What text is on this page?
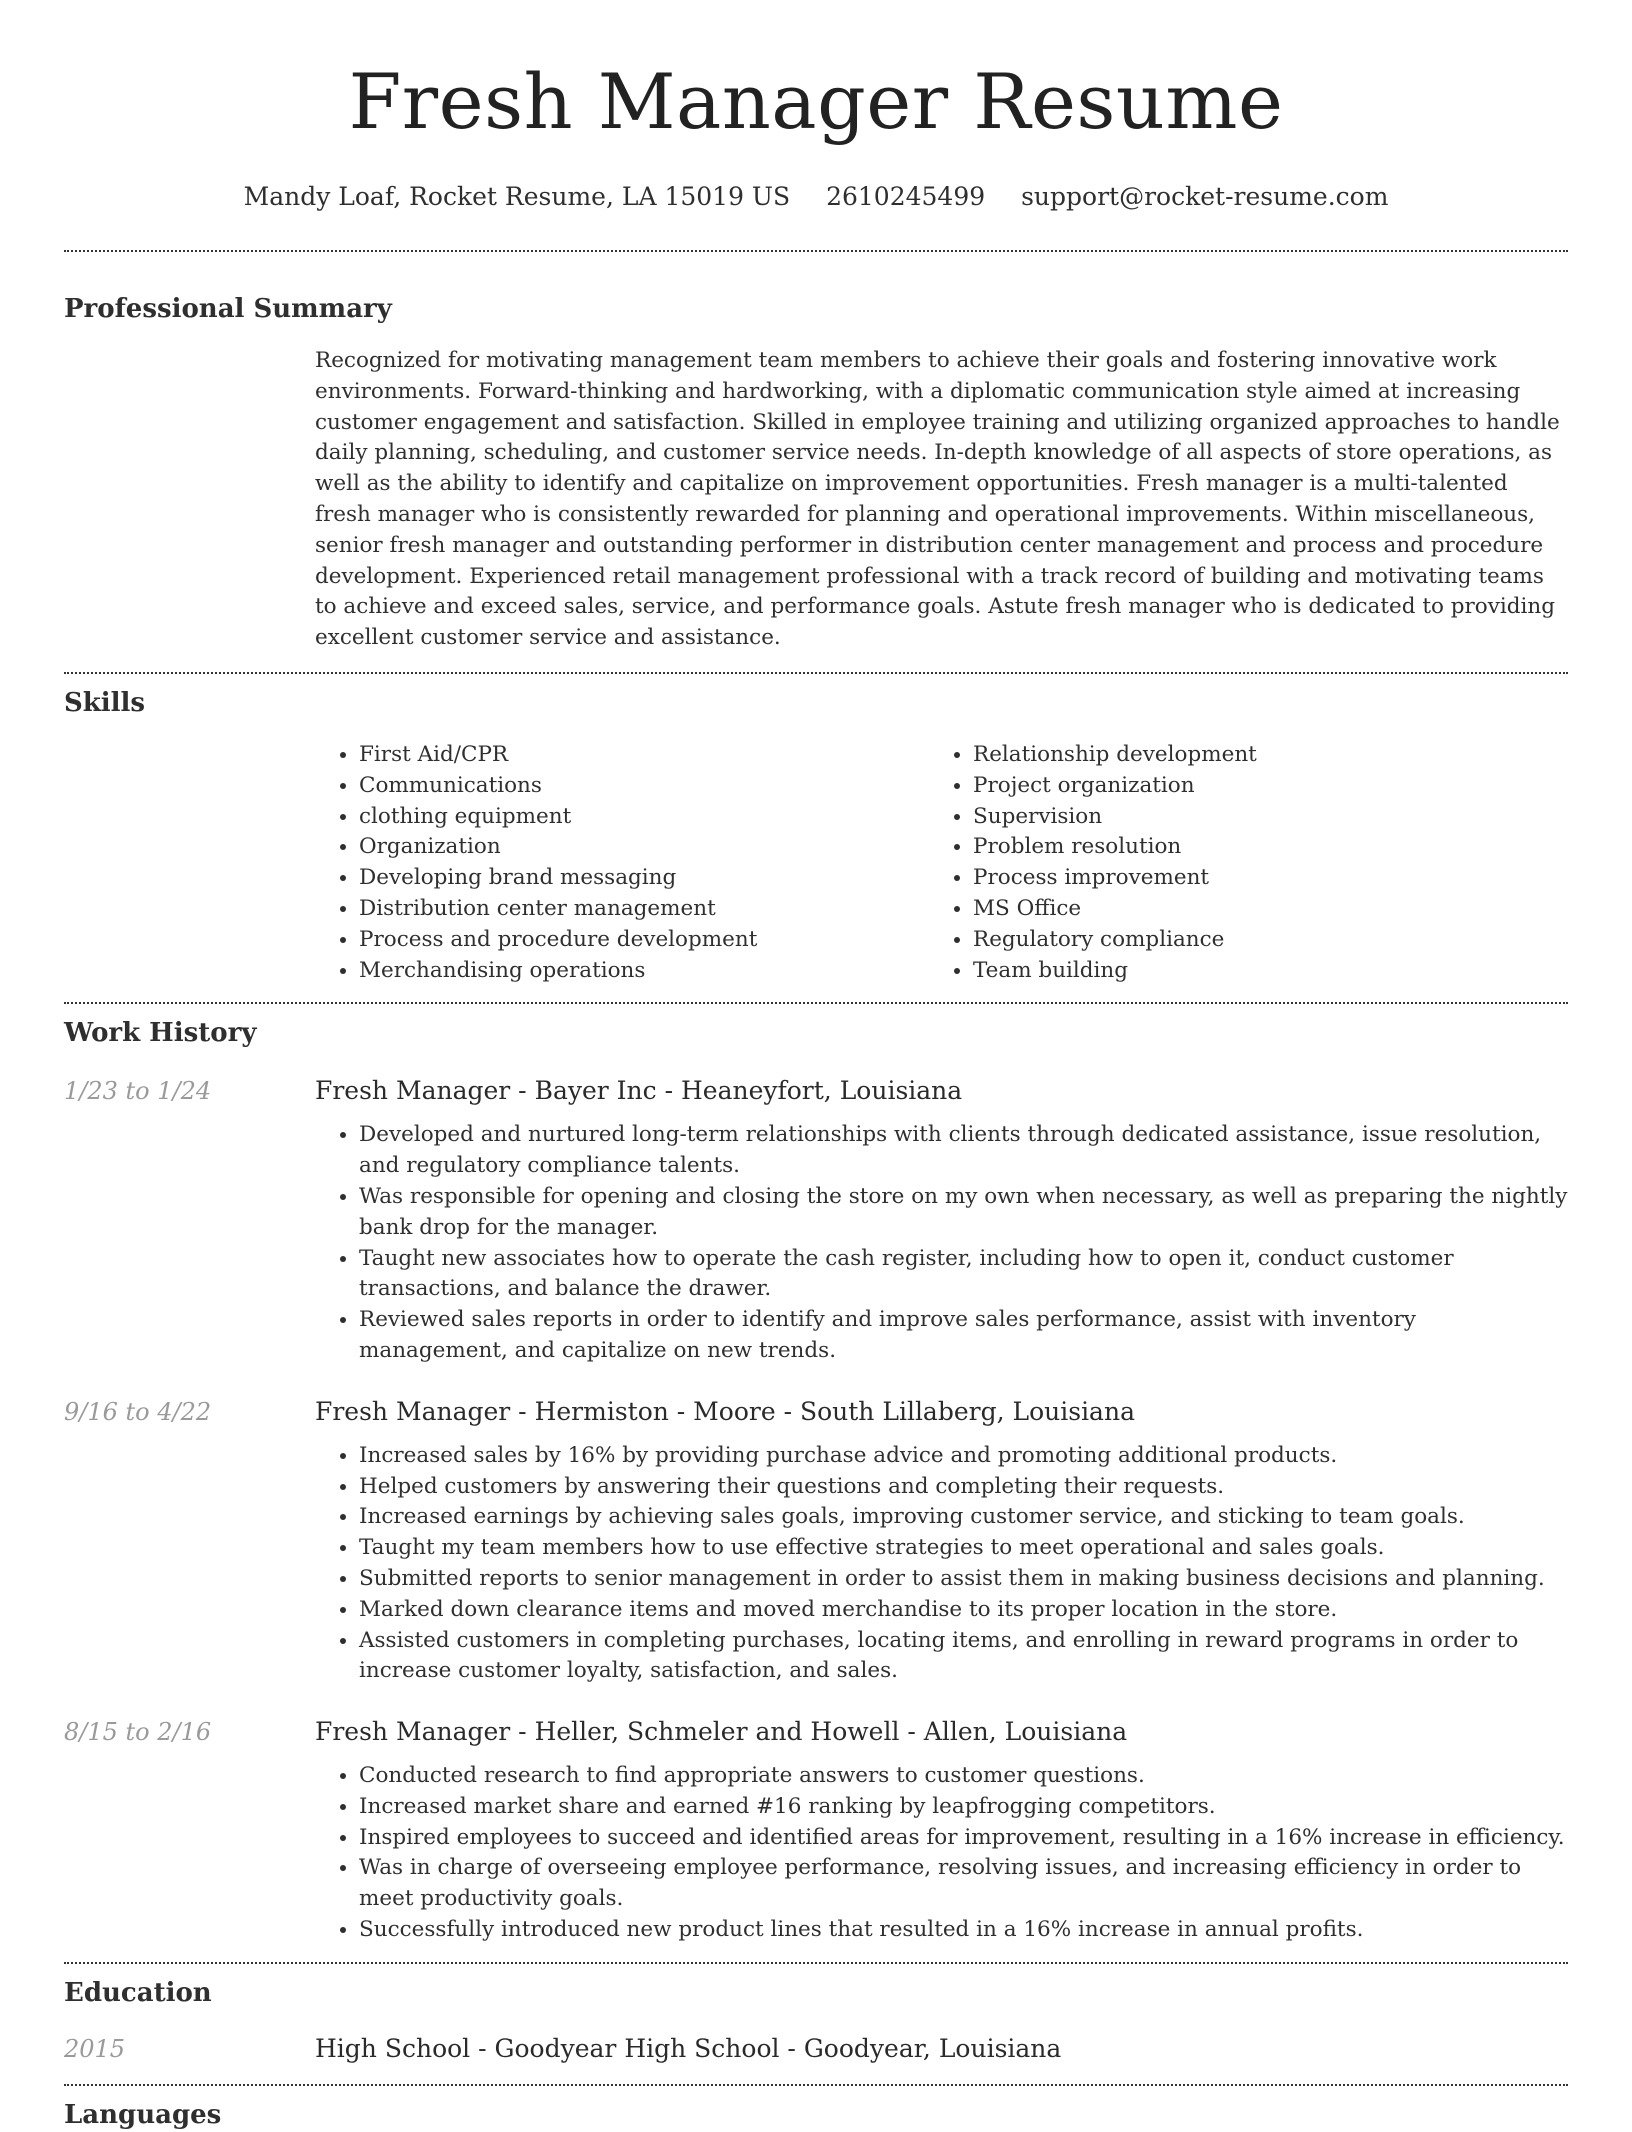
Fresh Manager Resume
Mandy Loaf, Rocket Resume, LA 15019 US 2610245499 support@rocket-resume.com
Professional Summary

Recognized for motivating management team members to achieve their goals and fostering innovative work environments. Forward-thinking and hardworking, with a diplomatic communication style aimed at increasing customer engagement and satisfaction. Skilled in employee training and utilizing organized approaches to handle daily planning, scheduling, and customer service needs. In-depth knowledge of all aspects of store operations, as well as the ability to identify and capitalize on improvement opportunities. Fresh manager is a multi-talented fresh manager who is consistently rewarded for planning and operational improvements. Within miscellaneous, senior fresh manager and outstanding performer in distribution center management and process and procedure development. Experienced retail management professional with a track record of building and motivating teams to achieve and exceed sales, service, and performance goals. Astute fresh manager who is dedicated to providing excellent customer service and assistance.

Skills
• First Aid/CPR
• Communications
• clothing equipment
• Organization
• Developing brand messaging
• Distribution center management
• Process and procedure development
• Merchandising operations
• Relationship development
• Project organization
• Supervision
• Problem resolution
• Process improvement
• MS Office
• Regulatory compliance
• Team building
Work History
1/23 to 1/24	Fresh Manager - Bayer Inc - Heaneyfort, Louisiana
• Developed and nurtured long-term relationships with clients through dedicated assistance, issue resolution, and regulatory compliance talents.
• Was responsible for opening and closing the store on my own when necessary, as well as preparing the nightly bank drop for the manager.
• Taught new associates how to operate the cash register, including how to open it, conduct customer transactions, and balance the drawer.
• Reviewed sales reports in order to identify and improve sales performance, assist with inventory management, and capitalize on new trends.
9/16 to 4/22	Fresh Manager - Hermiston - Moore - South Lillaberg, Louisiana
• Increased sales by 16% by providing purchase advice and promoting additional products.
• Helped customers by answering their questions and completing their requests.
• Increased earnings by achieving sales goals, improving customer service, and sticking to team goals.
• Taught my team members how to use effective strategies to meet operational and sales goals.
• Submitted reports to senior management in order to assist them in making business decisions and planning.
• Marked down clearance items and moved merchandise to its proper location in the store.
• Assisted customers in completing purchases, locating items, and enrolling in reward programs in order to increase customer loyalty, satisfaction, and sales.
8/15 to 2/16	Fresh Manager - Heller, Schmeler and Howell - Allen, Louisiana
• Conducted research to find appropriate answers to customer questions.
• Increased market share and earned #16 ranking by leapfrogging competitors.
• Inspired employees to succeed and identified areas for improvement, resulting in a 16% increase in efficiency.
• Was in charge of overseeing employee performance, resolving issues, and increasing efficiency in order to meet productivity goals.
• Successfully introduced new product lines that resulted in a 16% increase in annual profits.
Education
2015	High School - Goodyear High School - Goodyear, Louisiana
Languages
